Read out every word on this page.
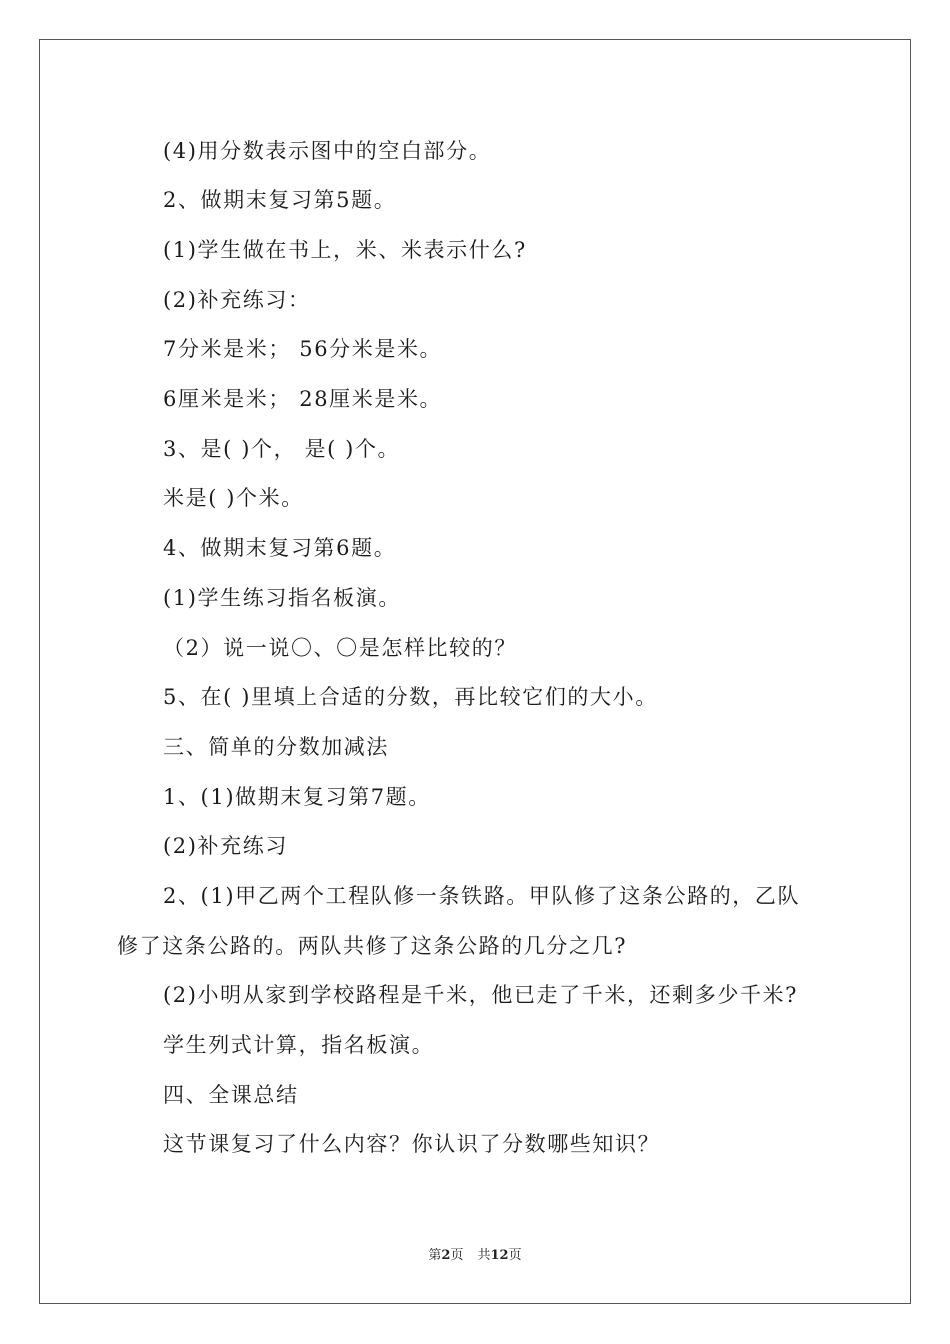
(4)用分数表示图中的空白部分。
2、做期末复习第5题。
(1)学生做在书上，米、米表示什么?
(2)补充练习：
7分米是米； 56分米是米。
6厘米是米； 28厘米是米。
3、是( )个， 是( )个。
米是( )个米。
4、做期末复习第6题。
(1)学生练习指名板演。
（2）说一说〇、〇是怎样比较的？
5、在( )里填上合适的分数，再比较它们的大小。
三、简单的分数加减法
1、(1)做期末复习第7题。
(2)补充练习
2、(1)甲乙两个工程队修一条铁路。甲队修了这条公路的，乙队
修了这条公路的。两队共修了这条公路的几分之几?
(2)小明从家到学校路程是千米，他已走了千米，还剩多少千米?
学生列式计算，指名板演。
四、全课总结
这节课复习了什么内容？你认识了分数哪些知识？
第2页 共12页
